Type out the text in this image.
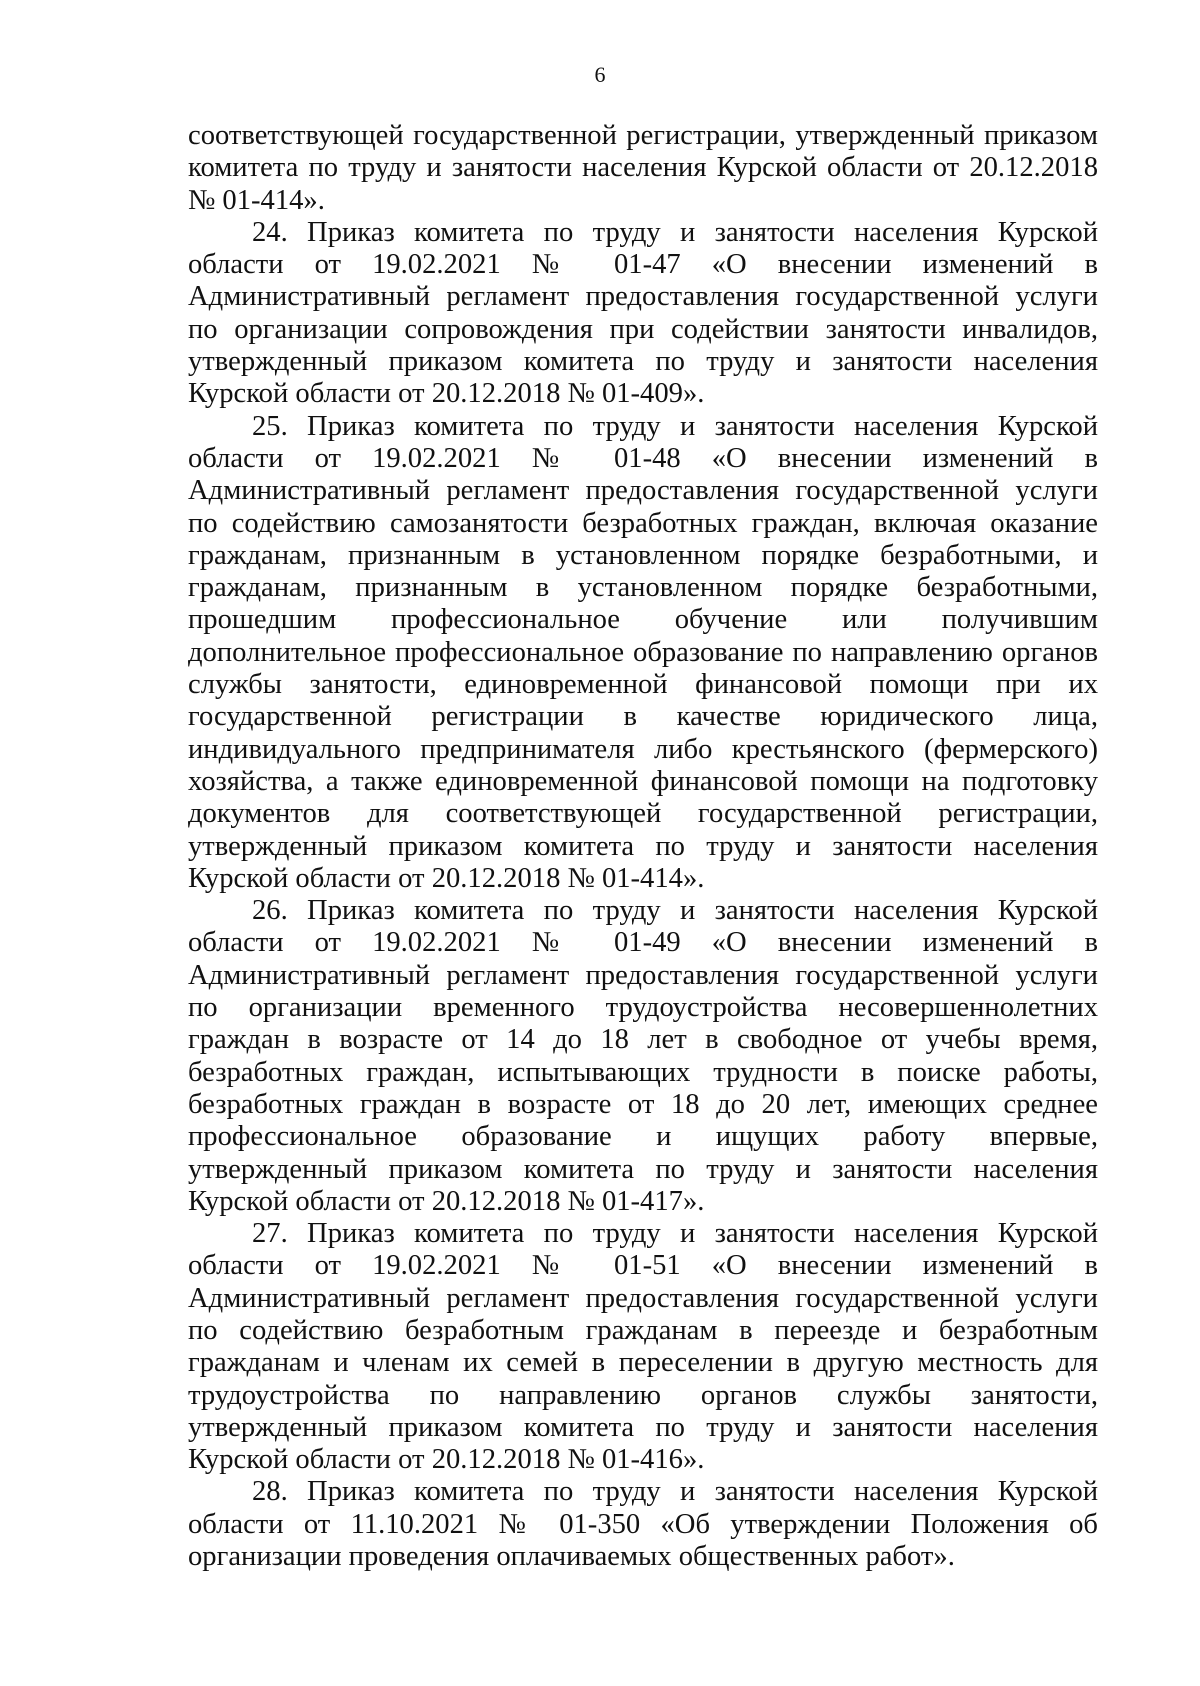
6

соответствующей государственной регистрации, утвержденный приказом комитета по труду и занятости населения Курской области от 20.12.2018 № 01-414».

24. Приказ комитета по труду и занятости населения Курской области от 19.02.2021 № 01-47 «О внесении изменений в Административный регламент предоставления государственной услуги по организации сопровождения при содействии занятости инвалидов, утвержденный приказом комитета по труду и занятости населения Курской области от 20.12.2018 № 01-409».

25. Приказ комитета по труду и занятости населения Курской области от 19.02.2021 № 01-48 «О внесении изменений в Административный регламент предоставления государственной услуги по содействию самозанятости безработных граждан, включая оказание гражданам, признанным в установленном порядке безработными, и гражданам, признанным в установленном порядке безработными, прошедшим профессиональное обучение или получившим дополнительное профессиональное образование по направлению органов службы занятости, единовременной финансовой помощи при их государственной регистрации в качестве юридического лица, индивидуального предпринимателя либо крестьянского (фермерского) хозяйства, а также единовременной финансовой помощи на подготовку документов для соответствующей государственной регистрации, утвержденный приказом комитета по труду и занятости населения Курской области от 20.12.2018 № 01-414».

26. Приказ комитета по труду и занятости населения Курской области от 19.02.2021 № 01-49 «О внесении изменений в Административный регламент предоставления государственной услуги по организации временного трудоустройства несовершеннолетних граждан в возрасте от 14 до 18 лет в свободное от учебы время, безработных граждан, испытывающих трудности в поиске работы, безработных граждан в возрасте от 18 до 20 лет, имеющих среднее профессиональное образование и ищущих работу впервые, утвержденный приказом комитета по труду и занятости населения Курской области от 20.12.2018 № 01-417».

27. Приказ комитета по труду и занятости населения Курской области от 19.02.2021 № 01-51 «О внесении изменений в Административный регламент предоставления государственной услуги по содействию безработным гражданам в переезде и безработным гражданам и членам их семей в переселении в другую местность для трудоустройства по направлению органов службы занятости, утвержденный приказом комитета по труду и занятости населения Курской области от 20.12.2018 № 01-416».

28. Приказ комитета по труду и занятости населения Курской области от 11.10.2021 № 01-350 «Об утверждении Положения об организации проведения оплачиваемых общественных работ».
